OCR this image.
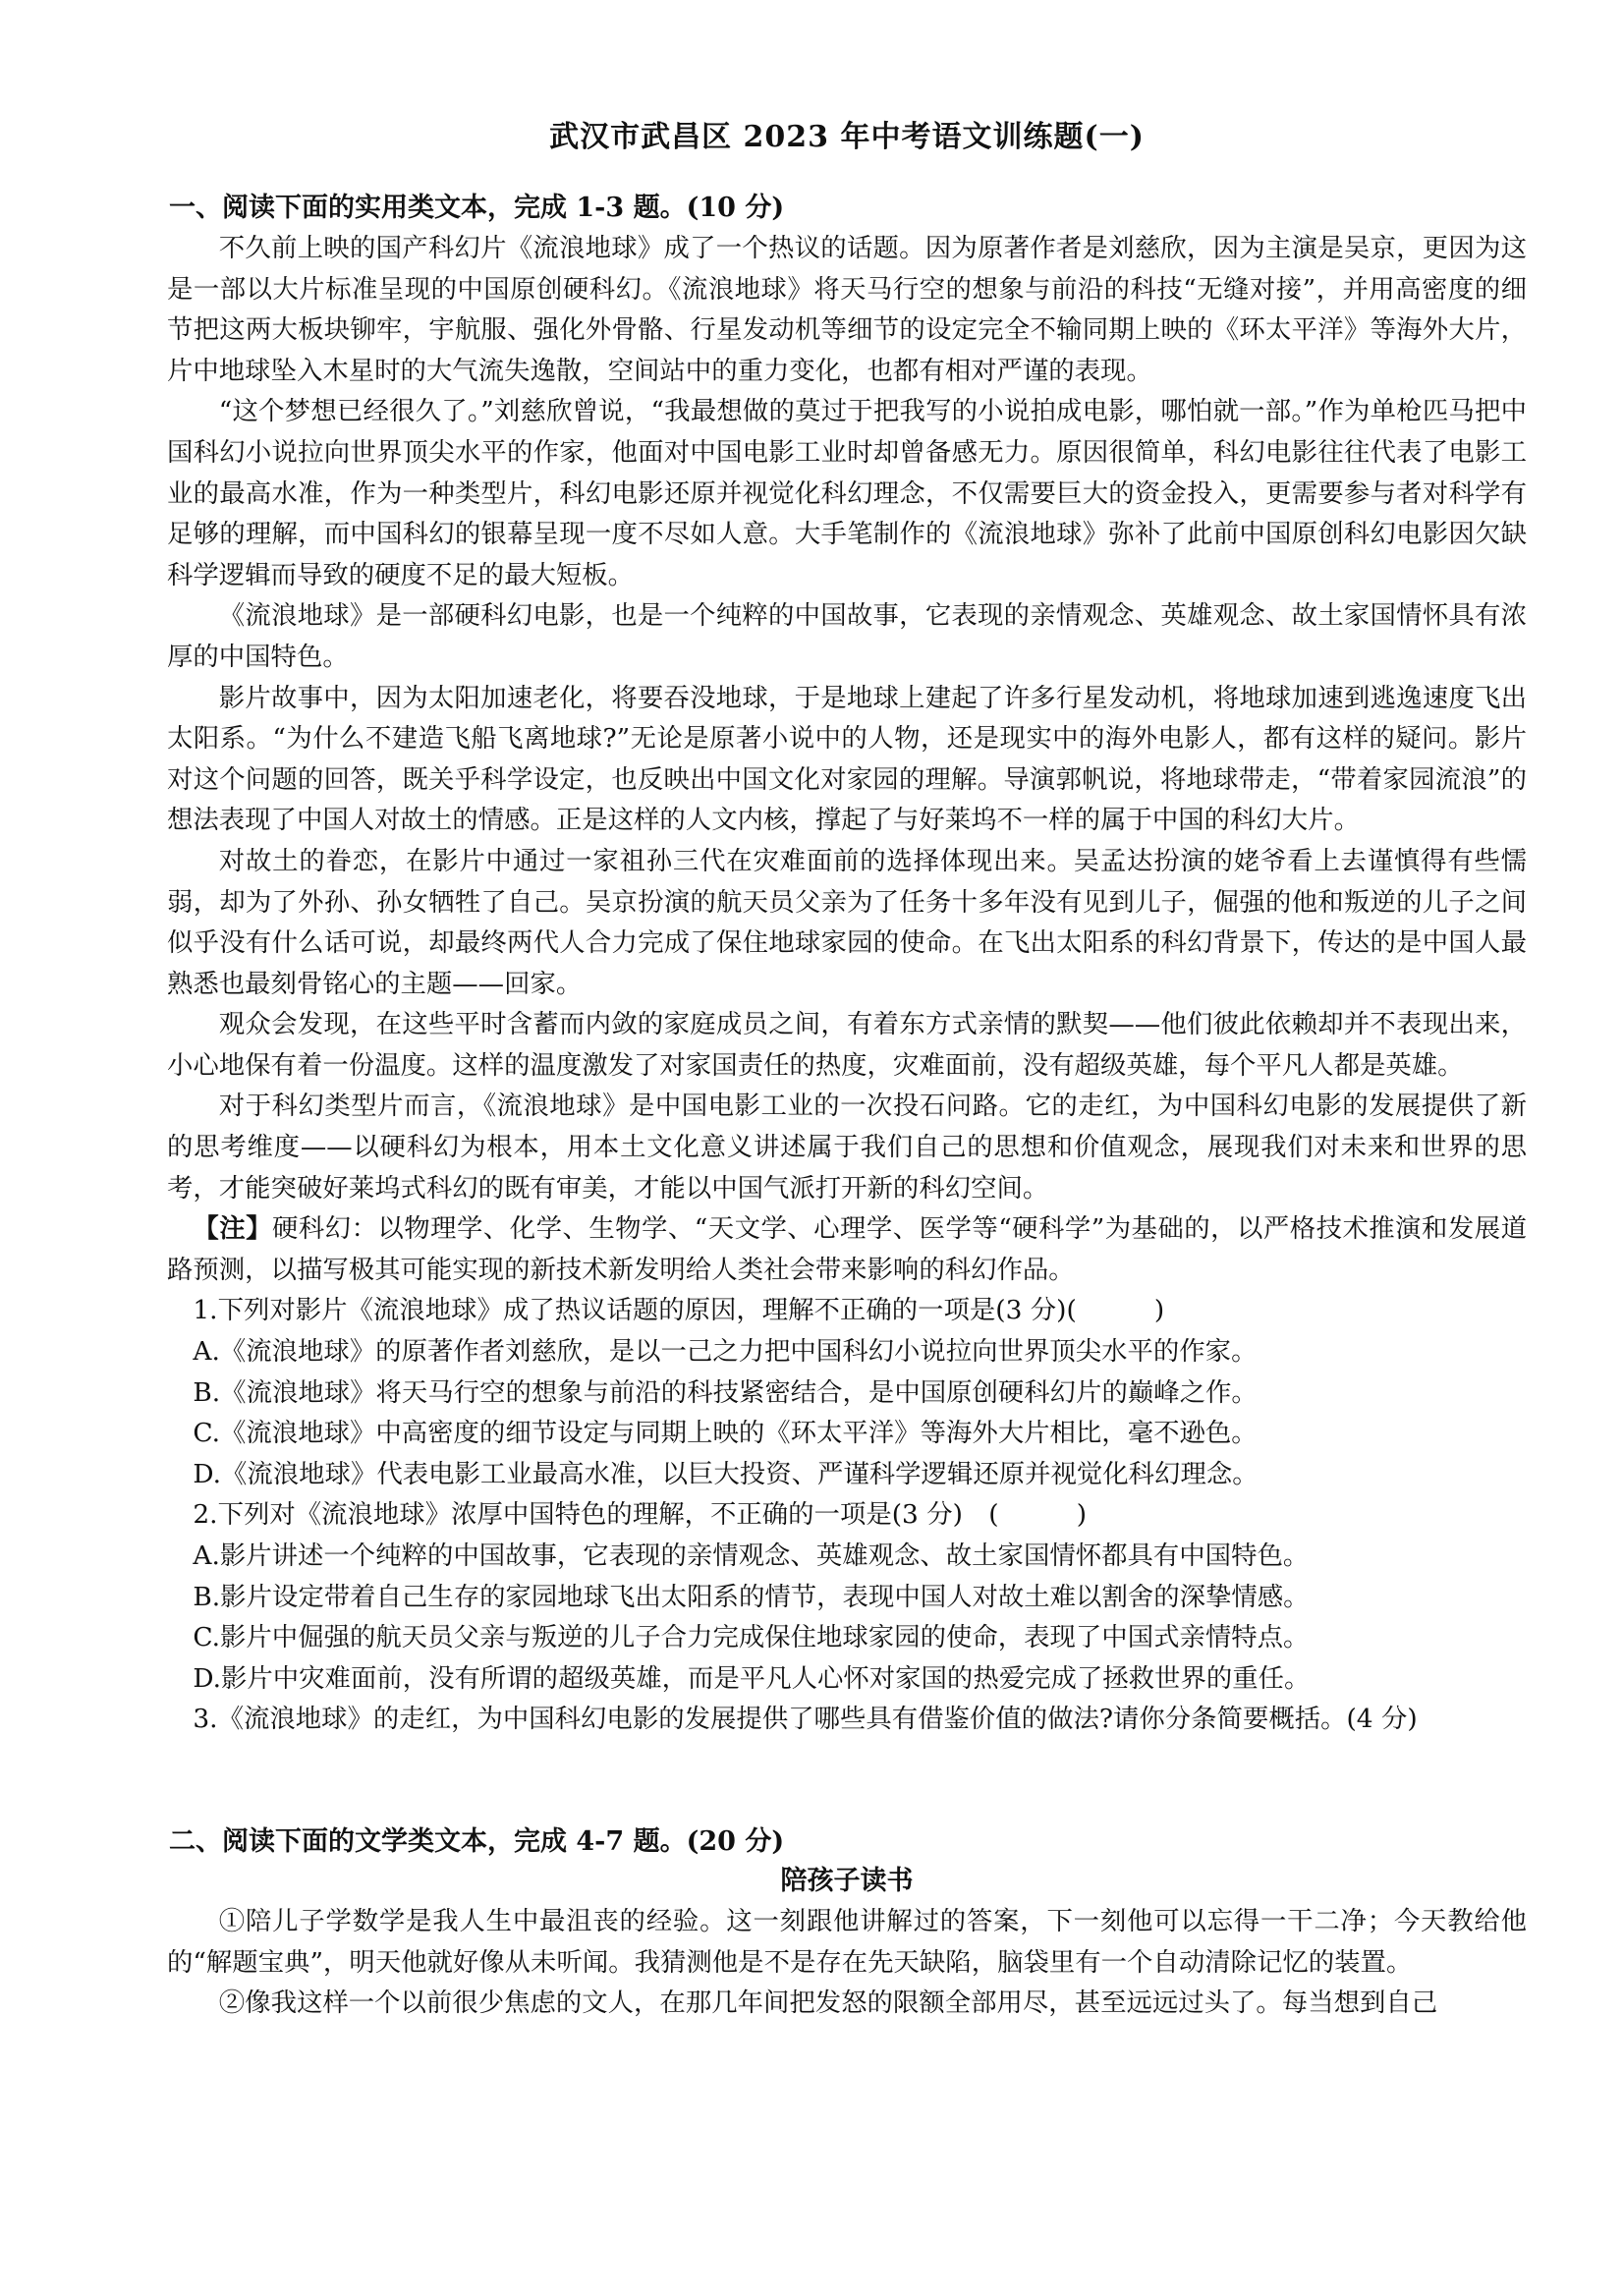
武汉市武昌区 2023 年中考语文训练题(一)
一、阅读下面的实用类文本，完成 1-3 题。(10 分)

不久前上映的国产科幻片《流浪地球》成了一个热议的话题。因为原著作者是刘慈欣，因为主演是吴京，更因为这是一部以大片标准呈现的中国原创硬科幻。《流浪地球》将天马行空的想象与前沿的科技“无缝对接”，并用高密度的细节把这两大板块铆牢，宇航服、强化外骨骼、行星发动机等细节的设定完全不输同期上映的《环太平洋》等海外大片，片中地球坠入木星时的大气流失逸散，空间站中的重力变化，也都有相对严谨的表现。

“这个梦想已经很久了。”刘慈欣曾说，“我最想做的莫过于把我写的小说拍成电影，哪怕就一部。”作为单枪匹马把中国科幻小说拉向世界顶尖水平的作家，他面对中国电影工业时却曾备感无力。原因很简单，科幻电影往往代表了电影工业的最高水准，作为一种类型片，科幻电影还原并视觉化科幻理念，不仅需要巨大的资金投入，更需要参与者对科学有足够的理解，而中国科幻的银幕呈现一度不尽如人意。大手笔制作的《流浪地球》弥补了此前中国原创科幻电影因欠缺科学逻辑而导致的硬度不足的最大短板。

《流浪地球》是一部硬科幻电影，也是一个纯粹的中国故事，它表现的亲情观念、英雄观念、故土家国情怀具有浓厚的中国特色。

影片故事中，因为太阳加速老化，将要吞没地球，于是地球上建起了许多行星发动机，将地球加速到逃逸速度飞出太阳系。“为什么不建造飞船飞离地球?”无论是原著小说中的人物，还是现实中的海外电影人，都有这样的疑问。影片对这个问题的回答，既关乎科学设定，也反映出中国文化对家园的理解。导演郭帆说，将地球带走，“带着家园流浪”的想法表现了中国人对故土的情感。正是这样的人文内核，撑起了与好莱坞不一样的属于中国的科幻大片。

对故土的眷恋，在影片中通过一家祖孙三代在灾难面前的选择体现出来。吴孟达扮演的姥爷看上去谨慎得有些懦弱，却为了外孙、孙女牺牲了自己。吴京扮演的航天员父亲为了任务十多年没有见到儿子，倔强的他和叛逆的儿子之间似乎没有什么话可说，却最终两代人合力完成了保住地球家园的使命。在飞出太阳系的科幻背景下，传达的是中国人最熟悉也最刻骨铭心的主题——回家。

观众会发现，在这些平时含蓄而内敛的家庭成员之间，有着东方式亲情的默契——他们彼此依赖却并不表现出来，小心地保有着一份温度。这样的温度激发了对家国责任的热度，灾难面前，没有超级英雄，每个平凡人都是英雄。

对于科幻类型片而言，《流浪地球》是中国电影工业的一次投石问路。它的走红，为中国科幻电影的发展提供了新的思考维度——以硬科幻为根本，用本土文化意义讲述属于我们自己的思想和价值观念，展现我们对未来和世界的思考，才能突破好莱坞式科幻的既有审美，才能以中国气派打开新的科幻空间。

【注】硬科幻：以物理学、化学、生物学、“天文学、心理学、医学等“硬科学”为基础的，以严格技术推演和发展道路预测，以描写极其可能实现的新技术新发明给人类社会带来影响的科幻作品。

1.下列对影片《流浪地球》成了热议话题的原因，理解不正确的一项是(3 分)(　　　)
A.《流浪地球》的原著作者刘慈欣，是以一己之力把中国科幻小说拉向世界顶尖水平的作家。
B.《流浪地球》将天马行空的想象与前沿的科技紧密结合，是中国原创硬科幻片的巅峰之作。
C.《流浪地球》中高密度的细节设定与同期上映的《环太平洋》等海外大片相比，毫不逊色。
D.《流浪地球》代表电影工业最高水准，以巨大投资、严谨科学逻辑还原并视觉化科幻理念。
2.下列对《流浪地球》浓厚中国特色的理解，不正确的一项是(3 分)　(　　　)
A.影片讲述一个纯粹的中国故事，它表现的亲情观念、英雄观念、故土家国情怀都具有中国特色。
B.影片设定带着自己生存的家园地球飞出太阳系的情节，表现中国人对故土难以割舍的深挚情感。
C.影片中倔强的航天员父亲与叛逆的儿子合力完成保住地球家园的使命，表现了中国式亲情特点。
D.影片中灾难面前，没有所谓的超级英雄，而是平凡人心怀对家国的热爱完成了拯救世界的重任。
3.《流浪地球》的走红，为中国科幻电影的发展提供了哪些具有借鉴价值的做法?请你分条简要概括。(4 分)
二、阅读下面的文学类文本，完成 4-7 题。(20 分)
陪孩子读书

①陪儿子学数学是我人生中最沮丧的经验。这一刻跟他讲解过的答案，下一刻他可以忘得一干二净；今天教给他的“解题宝典”，明天他就好像从未听闻。我猜测他是不是存在先天缺陷，脑袋里有一个自动清除记忆的装置。

②像我这样一个以前很少焦虑的文人，在那几年间把发怒的限额全部用尽，甚至远远过头了。每当想到自己
